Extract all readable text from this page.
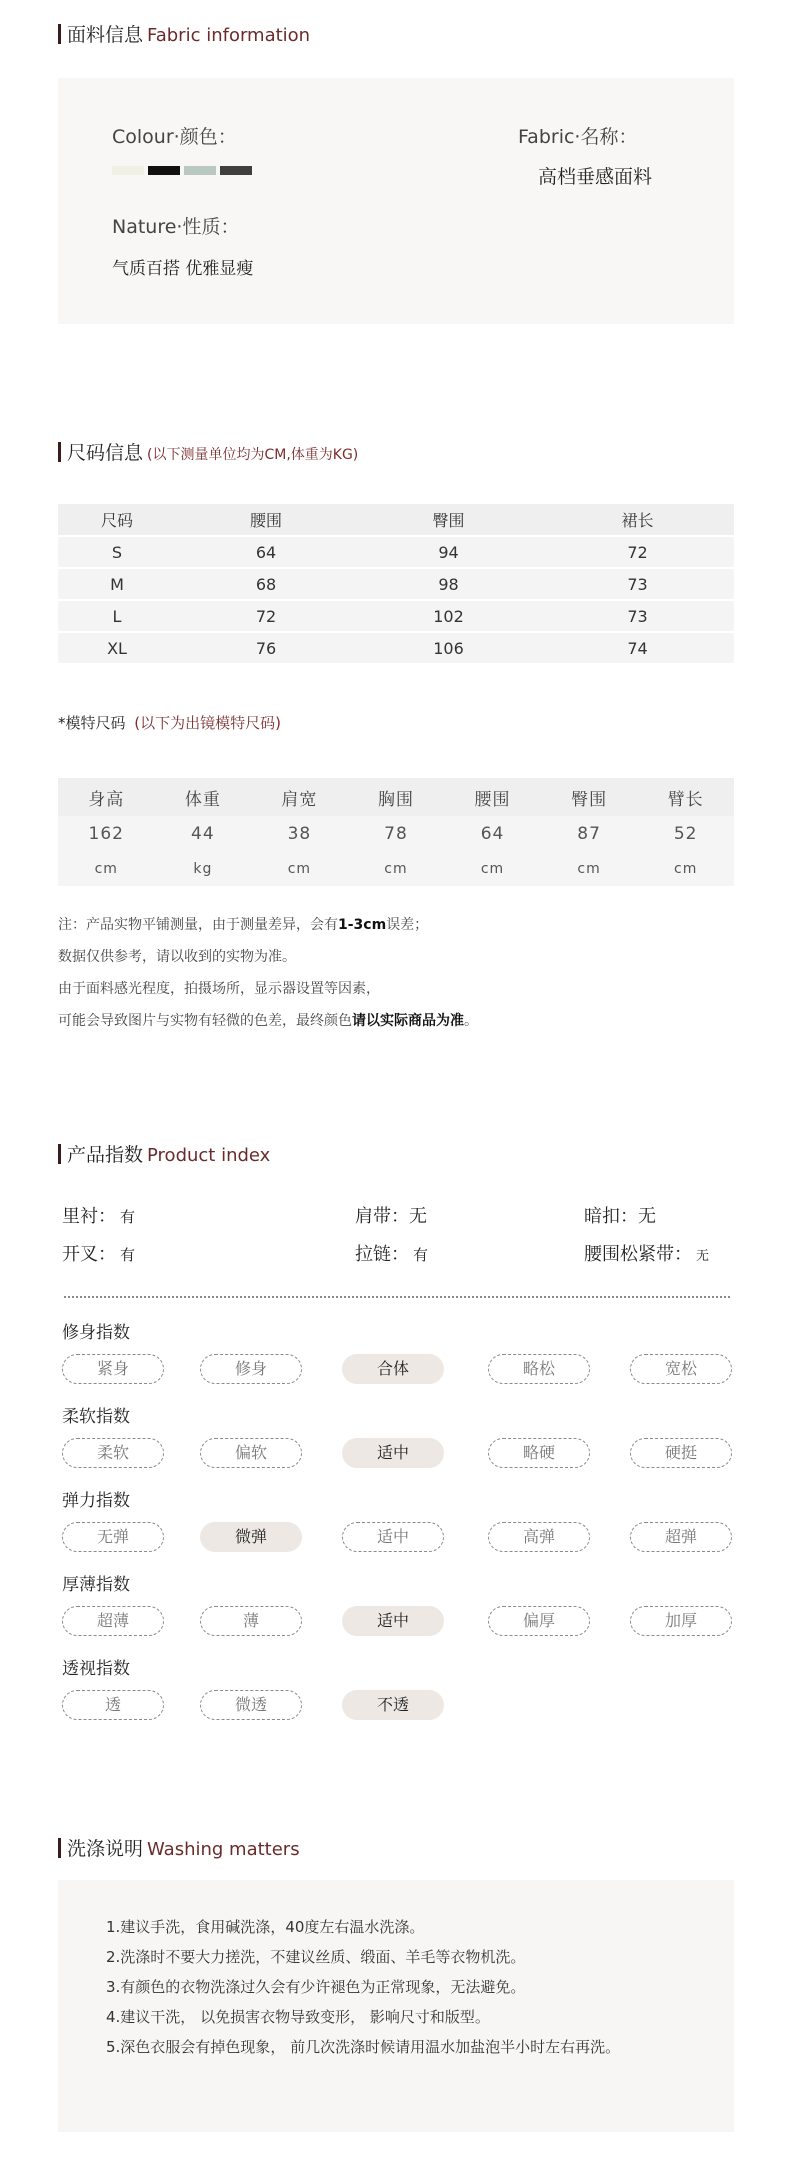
面料信息 Fabric information
Colour·颜色：	Fabric·名称：
高档垂感面料
Nature·性质：
气质百搭 优雅显瘦
尺码信息 (以下测量单位均为CM,体重为KG)
尺码	腰围	臀围	裙长
S	64	94	72
M	68	98	73
L	72	102	73
XL	76	106	74
*模特尺码 (以下为出镜模特尺码)
身高	体重	肩宽	胸围	腰围	臀围	臂长
162	44	38	78	64	87	52
cm	kg	cm	cm	cm	cm	cm
注：产品实物平铺测量，由于测量差异，会有1-3cm误差；
数据仅供参考，请以收到的实物为准。
由于面料感光程度，拍摄场所，显示器设置等因素，
可能会导致图片与实物有轻微的色差，最终颜色请以实际商品为准。
产品指数 Product index
里衬： 有	肩带：无	暗扣：无
开叉： 有	拉链： 有	腰围松紧带： 无
修身指数
紧身	修身	合体	略松	宽松
柔软指数
柔软	偏软	适中	略硬	硬挺
弹力指数
无弹	微弹	适中	高弹	超弹
厚薄指数
超薄	薄	适中	偏厚	加厚
透视指数
透	微透	不透
洗涤说明 Washing matters
1.建议手洗，食用碱洗涤，40度左右温水洗涤。
2.洗涤时不要大力搓洗，不建议丝质、缎面、羊毛等衣物机洗。
3.有颜色的衣物洗涤过久会有少许褪色为正常现象，无法避免。
4.建议干洗， 以免损害衣物导致变形， 影响尺寸和版型。
5.深色衣服会有掉色现象， 前几次洗涤时候请用温水加盐泡半小时左右再洗。
